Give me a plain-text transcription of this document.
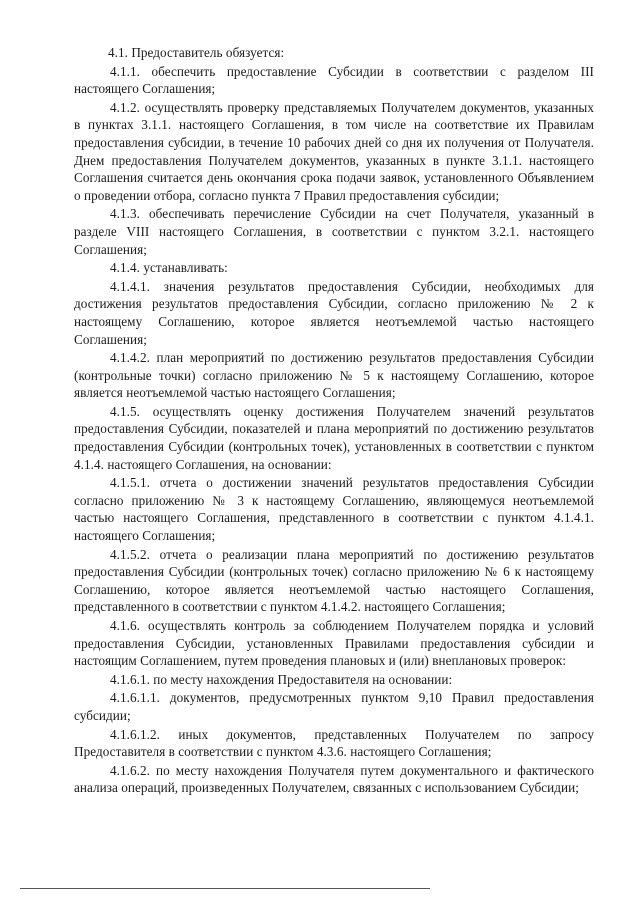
4.1. Предоставитель обязуется:

4.1.1. обеспечить предоставление Субсидии в соответствии с разделом III настоящего Соглашения;

4.1.2. осуществлять проверку представляемых Получателем документов, указанных в пунктах 3.1.1. настоящего Соглашения, в том числе на соответствие их Правилам предоставления субсидии, в течение 10 рабочих дней со дня их получения от Получателя. Днем предоставления Получателем документов, указанных в пункте 3.1.1. настоящего Соглашения считается день окончания срока подачи заявок, установленного Объявлением о проведении отбора, согласно пункта 7 Правил предоставления субсидии;

4.1.3. обеспечивать перечисление Субсидии на счет Получателя, указанный в разделе VIII настоящего Соглашения, в соответствии с пунктом 3.2.1. настоящего Соглашения;

4.1.4. устанавливать:

4.1.4.1. значения результатов предоставления Субсидии, необходимых для достижения результатов предоставления Субсидии, согласно приложению № 2 к настоящему Соглашению, которое является неотъемлемой частью настоящего Соглашения;

4.1.4.2. план мероприятий по достижению результатов предоставления Субсидии (контрольные точки) согласно приложению № 5 к настоящему Соглашению, которое является неотъемлемой частью настоящего Соглашения;

4.1.5. осуществлять оценку достижения Получателем значений результатов предоставления Субсидии, показателей и плана мероприятий по достижению результатов предоставления Субсидии (контрольных точек), установленных в соответствии с пунктом 4.1.4. настоящего Соглашения, на основании:

4.1.5.1. отчета о достижении значений результатов предоставления Субсидии согласно приложению № 3 к настоящему Соглашению, являющемуся неотъемлемой частью настоящего Соглашения, представленного в соответствии с пунктом 4.1.4.1. настоящего Соглашения;

4.1.5.2. отчета о реализации плана мероприятий по достижению результатов предоставления Субсидии (контрольных точек) согласно приложению № 6 к настоящему Соглашению, которое является неотъемлемой частью настоящего Соглашения, представленного в соответствии с пунктом 4.1.4.2. настоящего Соглашения;

4.1.6. осуществлять контроль за соблюдением Получателем порядка и условий предоставления Субсидии, установленных Правилами предоставления субсидии и настоящим Соглашением, путем проведения плановых и (или) внеплановых проверок:

4.1.6.1. по месту нахождения Предоставителя на основании:

4.1.6.1.1. документов, предусмотренных пунктом 9,10 Правил предоставления субсидии;

4.1.6.1.2. иных документов, представленных Получателем по запросу Предоставителя в соответствии с пунктом 4.3.6. настоящего Соглашения;

4.1.6.2. по месту нахождения Получателя путем документального и фактического анализа операций, произведенных Получателем, связанных с использованием Субсидии;
